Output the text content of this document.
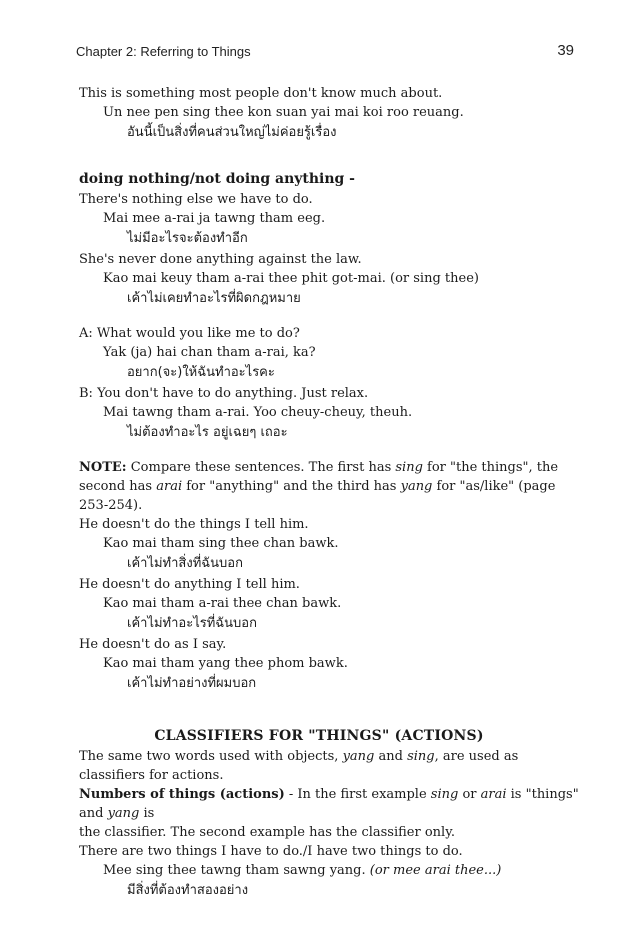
Chapter 2: Referring to Things	39
This is something most people don't know much about.
Un nee pen sing thee kon suan yai mai koi roo reuang.
อันนี้เป็นสิ่งที่คนส่วนใหญ่ไม่ค่อยรู้เรื่อง
doing nothing/not doing anything -
There's nothing else we have to do.
Mai mee a-rai ja tawng tham eeg.
ไม่มีอะไรจะต้องทำอีก
She's never done anything against the law.
Kao mai keuy tham a-rai thee phit got-mai. (or sing thee)
เค้าไม่เคยทำอะไรที่ผิดกฎหมาย
A: What would you like me to do?
Yak (ja) hai chan tham a-rai, ka?
อยาก(จะ)ให้ฉันทำอะไรคะ
B: You don't have to do anything. Just relax.
Mai tawng tham a-rai. Yoo cheuy-cheuy, theuh.
ไม่ต้องทำอะไร อยู่เฉยๆ เถอะ
NOTE: Compare these sentences. The first has sing for "the things", the second has arai for "anything" and the third has yang for "as/like" (page 253-254).
He doesn't do the things I tell him.
Kao mai tham sing thee chan bawk.
เค้าไม่ทำสิ่งที่ฉันบอก
He doesn't do anything I tell him.
Kao mai tham a-rai thee chan bawk.
เค้าไม่ทำอะไรที่ฉันบอก
He doesn't do as I say.
Kao mai tham yang thee phom bawk.
เค้าไม่ทำอย่างที่ผมบอก
CLASSIFIERS FOR "THINGS" (ACTIONS)
The same two words used with objects, yang and sing, are used as classifiers for actions.
Numbers of things (actions) - In the first example sing or arai is "things" and yang is
the classifier. The second example has the classifier only.
There are two things I have to do./I have two things to do.
Mee sing thee tawng tham sawng yang. (or mee arai thee...)
มีสิ่งที่ต้องทำสองอย่าง
